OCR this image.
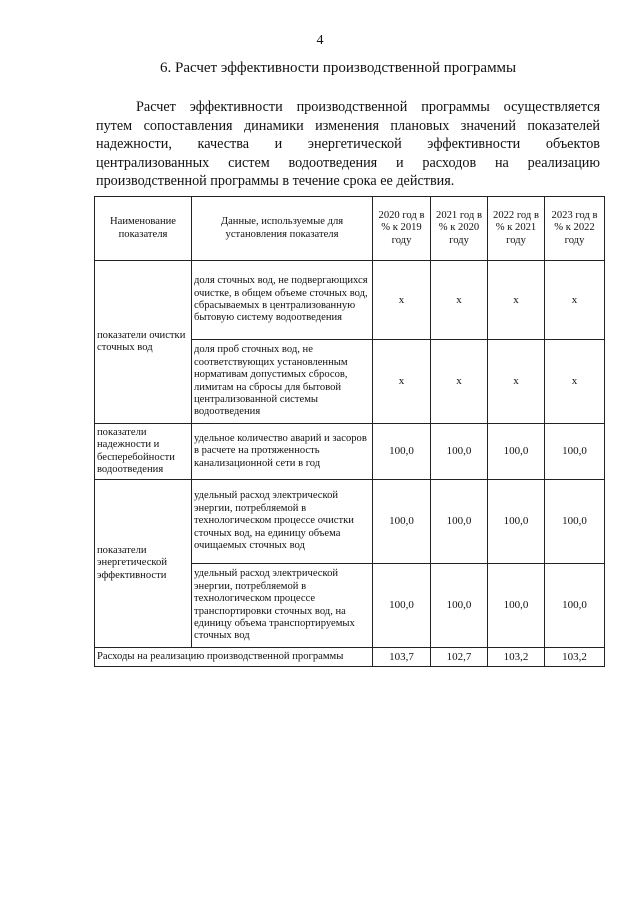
4
6. Расчет эффективности производственной программы

Расчет эффективности производственной программы осуществляется
путем сопоставления динамики изменения плановых значений показателей
надежности, качества и энергетической эффективности объектов
централизованных систем водоотведения и расходов на реализацию
производственной программы в течение срока ее действия.

Наименование показателя	Данные, используемые для установления показателя	2020 год в % к 2019 году	2021 год в % к 2020 году	2022 год в % к 2021 году	2023 год в % к 2022 году
показатели очистки сточных вод	доля сточных вод, не подвергающихся очистке, в общем объеме сточных вод, сбрасываемых в централизованную бытовую систему водоотведения	x	x	x	x
	доля проб сточных вод, не соответствующих установленным нормативам допустимых сбросов, лимитам на сбросы для бытовой централизованной системы водоотведения	x	x	x	x
показатели надежности и бесперебойности водоотведения	удельное количество аварий и засоров в расчете на протяженность канализационной сети в год	100,0	100,0	100,0	100,0
показатели энергетической эффективности	удельный расход электрической энергии, потребляемой в технологическом процессе очистки сточных вод, на единицу объема очищаемых сточных вод	100,0	100,0	100,0	100,0
	удельный расход электрической энергии, потребляемой в технологическом процессе транспортировки сточных вод, на единицу объема транспортируемых сточных вод	100,0	100,0	100,0	100,0
Расходы на реализацию производственной программы		103,7	102,7	103,2	103,2
